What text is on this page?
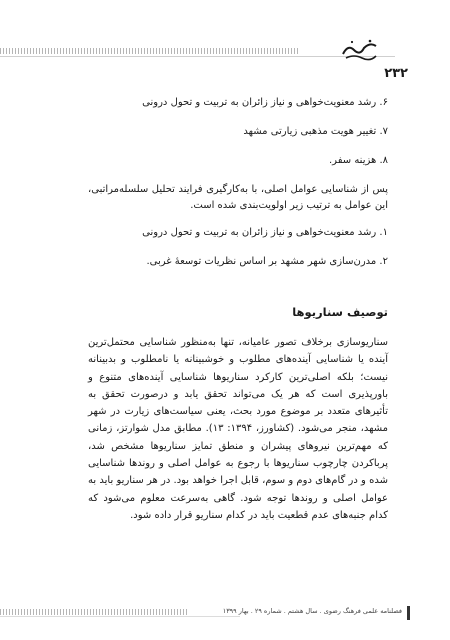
۲۳۲
۶. رشد معنویت‌خواهی و نیاز زائران به تربیت و تحول درونی
۷. تغییر هویت مذهبی زیارتی مشهد
۸. هزینه سفر.
پس از شناسایی عوامل اصلی، با به‌کارگیری فرایند تحلیل سلسله‌مراتبی، این عوامل به ترتیب زیر اولویت‌بندی شده است.
۱. رشد معنویت‌خواهی و نیاز زائران به تربیت و تحول درونی
۲. مدرن‌سازی شهر مشهد بر اساس نظریات توسعهٔ غربی.
توصیف سناریوها
سناریوسازی برخلاف تصور عامیانه، تنها به‌منظور شناسایی محتمل‌ترین آینده یا شناسایی آینده‌های مطلوب و خوشبینانه یا نامطلوب و بدبینانه نیست؛ بلکه اصلی‌ترین کارکرد سناریوها شناسایی آینده‌های متنوع و باورپذیری است که هر یک می‌تواند تحقق یابد و درصورت تحقق به تأثیرهای متعدد بر موضوع مورد بحث، یعنی سیاست‌های زیارت در شهر مشهد، منجر می‌شود. (کشاورز، ۱۳۹۴: ۱۳). مطابق مدل شوارتز، زمانی که مهم‌ترین نیروهای پیشران و منطق تمایز سناریوها مشخص شد، پرباکردن چارچوب سناریوها با رجوع به عوامل اصلی و روندها شناسایی شده و در گام‌های دوم و سوم، قابل اجرا خواهد بود. در هر سناریو باید به عوامل اصلی و روندها توجه شود. گاهی به‌سرعت معلوم می‌شود که کدام جنبه‌های عدم قطعیت باید در کدام سناریو قرار داده شود.
فصلنامه علمی فرهنگ رضوی . سال هشتم . شماره ۲۹ . بهار ۱۳۹۹
